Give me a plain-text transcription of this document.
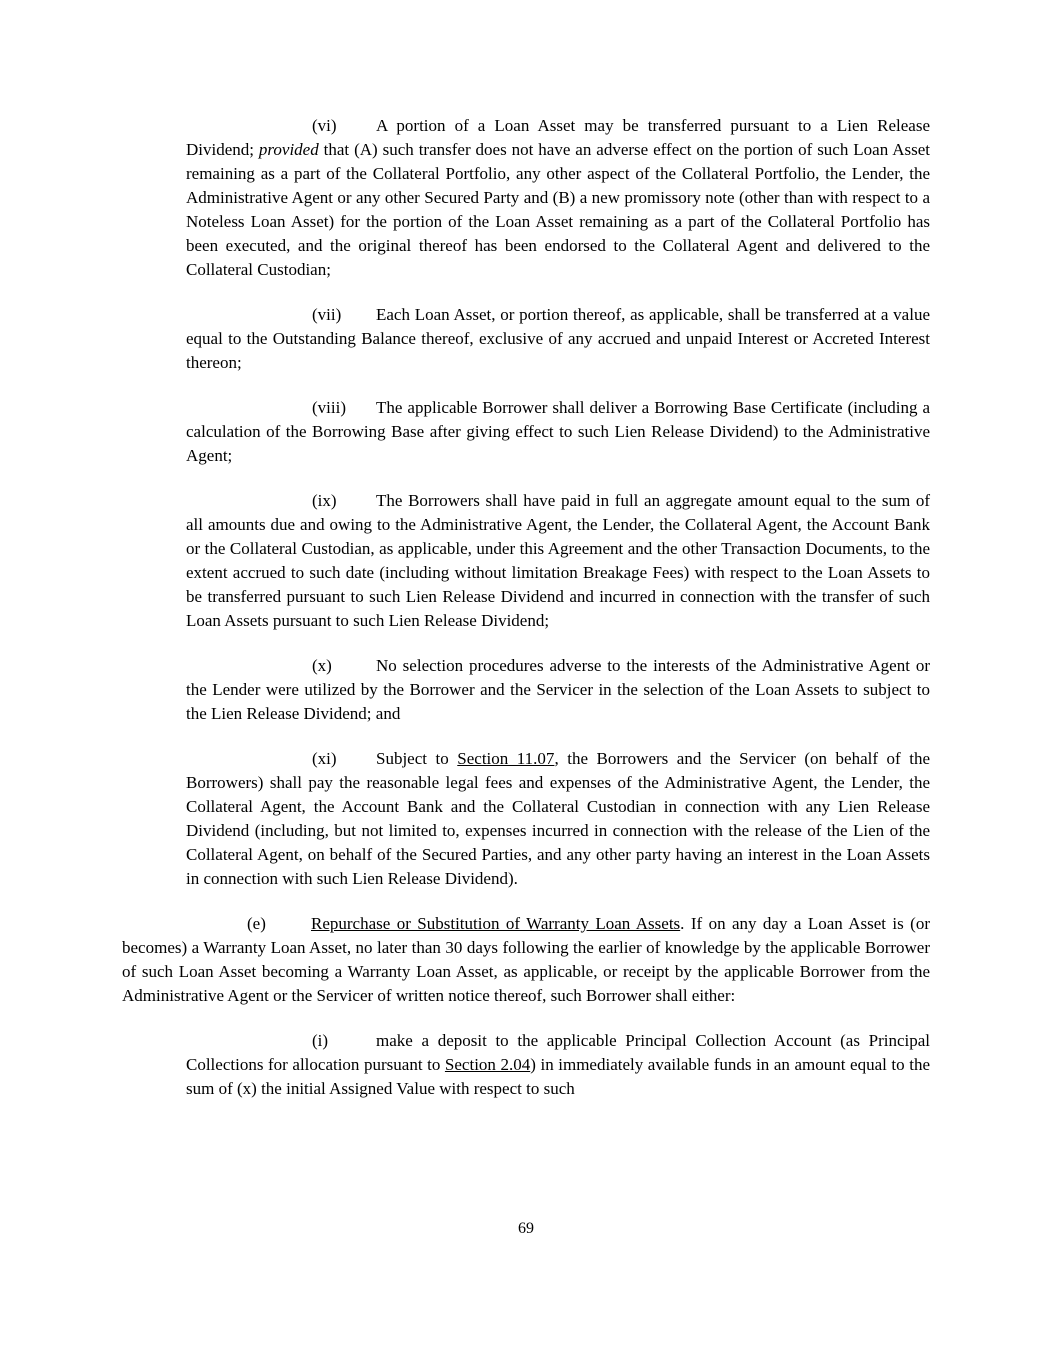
(vi) A portion of a Loan Asset may be transferred pursuant to a Lien Release Dividend; provided that (A) such transfer does not have an adverse effect on the portion of such Loan Asset remaining as a part of the Collateral Portfolio, any other aspect of the Collateral Portfolio, the Lender, the Administrative Agent or any other Secured Party and (B) a new promissory note (other than with respect to a Noteless Loan Asset) for the portion of the Loan Asset remaining as a part of the Collateral Portfolio has been executed, and the original thereof has been endorsed to the Collateral Agent and delivered to the Collateral Custodian;

(vii) Each Loan Asset, or portion thereof, as applicable, shall be transferred at a value equal to the Outstanding Balance thereof, exclusive of any accrued and unpaid Interest or Accreted Interest thereon;

(viii) The applicable Borrower shall deliver a Borrowing Base Certificate (including a calculation of the Borrowing Base after giving effect to such Lien Release Dividend) to the Administrative Agent;

(ix) The Borrowers shall have paid in full an aggregate amount equal to the sum of all amounts due and owing to the Administrative Agent, the Lender, the Collateral Agent, the Account Bank or the Collateral Custodian, as applicable, under this Agreement and the other Transaction Documents, to the extent accrued to such date (including without limitation Breakage Fees) with respect to the Loan Assets to be transferred pursuant to such Lien Release Dividend and incurred in connection with the transfer of such Loan Assets pursuant to such Lien Release Dividend;

(x)	No selection procedures adverse to the interests of the Administrative Agent or the Lender were utilized by the Borrower and the Servicer in the selection of the Loan Assets to subject to the Lien Release Dividend; and

(xi) Subject to Section 11.07, the Borrowers and the Servicer (on behalf of the Borrowers) shall pay the reasonable legal fees and expenses of the Administrative Agent, the Lender, the Collateral Agent, the Account Bank and the Collateral Custodian in connection with any Lien Release Dividend (including, but not limited to, expenses incurred in connection with the release of the Lien of the Collateral Agent, on behalf of the Secured Parties, and any other party having an interest in the Loan Assets in connection with such Lien Release Dividend).

(e)	Repurchase or Substitution of Warranty Loan Assets. If on any day a Loan Asset is (or becomes) a Warranty Loan Asset, no later than 30 days following the earlier of knowledge by the applicable Borrower of such Loan Asset becoming a Warranty Loan Asset, as applicable, or receipt by the applicable Borrower from the Administrative Agent or the Servicer of written notice thereof, such Borrower shall either:

(i)	make a deposit to the applicable Principal Collection Account (as Principal Collections for allocation pursuant to Section 2.04) in immediately available funds in an amount equal to the sum of (x) the initial Assigned Value with respect to such

69
